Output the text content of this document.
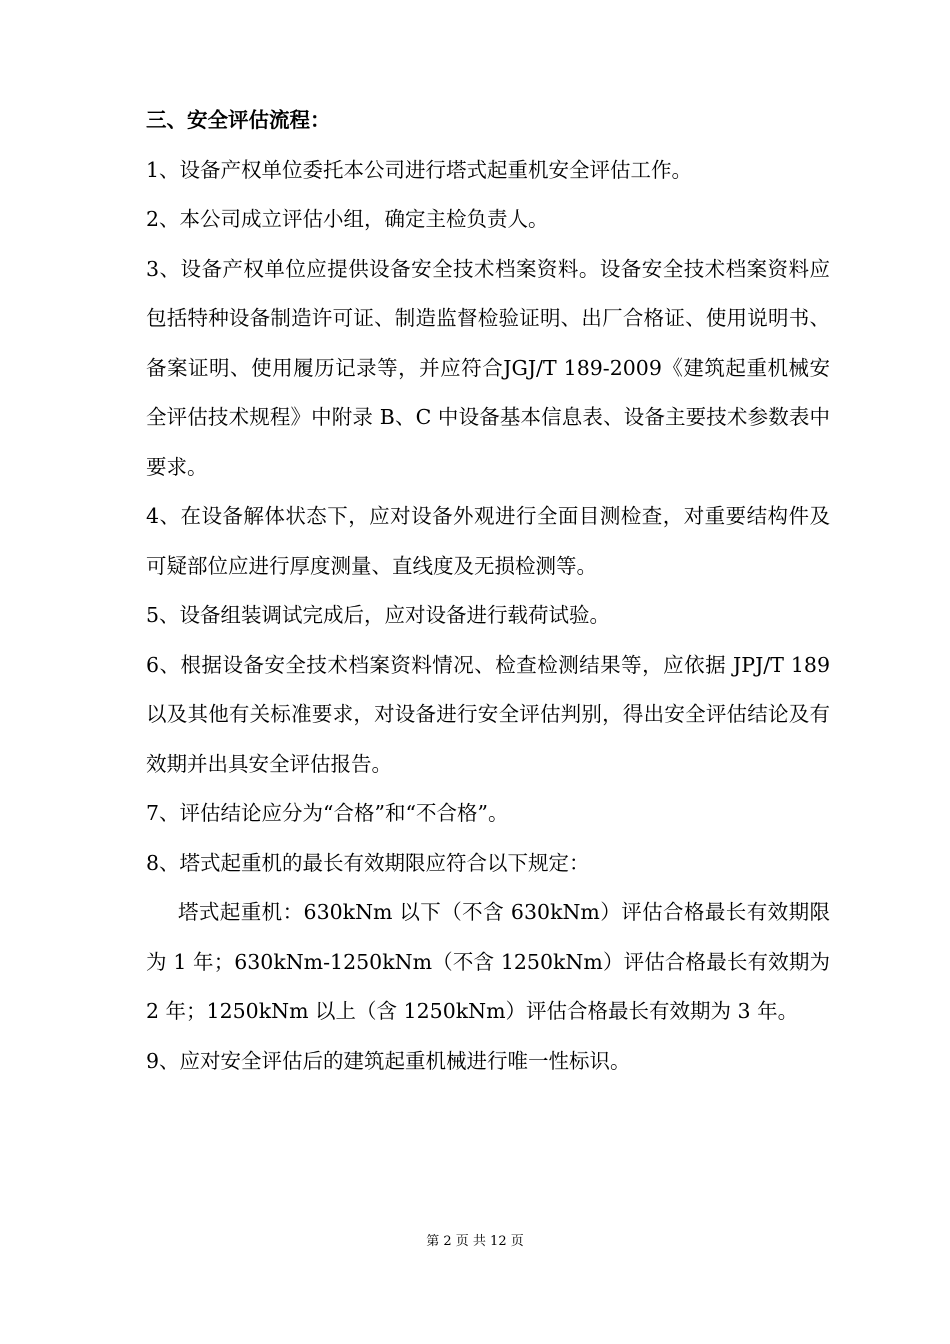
三、安全评估流程：

1、设备产权单位委托本公司进行塔式起重机安全评估工作。

2、本公司成立评估小组，确定主检负责人。

3、设备产权单位应提供设备安全技术档案资料。设备安全技术档案资料应包括特种设备制造许可证、制造监督检验证明、出厂合格证、使用说明书、备案证明、使用履历记录等，并应符合JGJ/T 189-2009《建筑起重机械安全评估技术规程》中附录 B、C 中设备基本信息表、设备主要技术参数表中要求。

4、在设备解体状态下，应对设备外观进行全面目测检查，对重要结构件及可疑部位应进行厚度测量、直线度及无损检测等。

5、设备组装调试完成后，应对设备进行载荷试验。

6、根据设备安全技术档案资料情况、检查检测结果等，应依据 JPJ/T 189 以及其他有关标准要求，对设备进行安全评估判别，得出安全评估结论及有效期并出具安全评估报告。

7、评估结论应分为“合格”和“不合格”。

8、塔式起重机的最长有效期限应符合以下规定：

塔式起重机：630kNm 以下（不含 630kNm）评估合格最长有效期限为 1 年；630kNm-1250kNm（不含 1250kNm）评估合格最长有效期为 2 年；1250kNm 以上（含 1250kNm）评估合格最长有效期为 3 年。

9、应对安全评估后的建筑起重机械进行唯一性标识。

第 2 页 共 12 页
